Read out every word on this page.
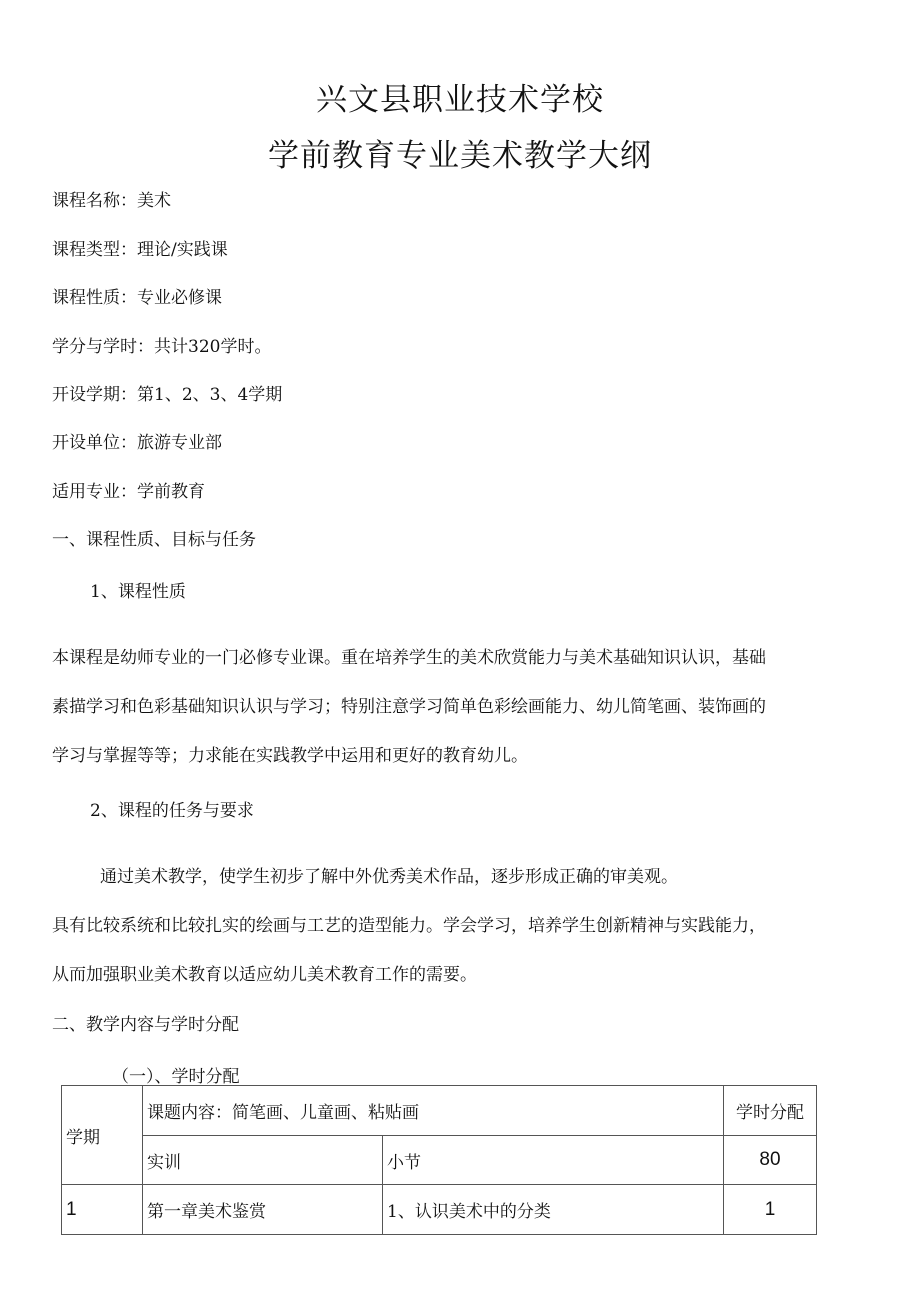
兴文县职业技术学校
学前教育专业美术教学大纲
课程名称：美术
课程类型：理论/实践课
课程性质：专业必修课
学分与学时：共计320学时。
开设学期：第1、2、3、4学期
开设单位：旅游专业部
适用专业：学前教育
一、课程性质、目标与任务
1、课程性质
本课程是幼师专业的一门必修专业课。重在培养学生的美术欣赏能力与美术基础知识认识，基础
素描学习和色彩基础知识认识与学习；特别注意学习简单色彩绘画能力、幼儿简笔画、装饰画的
学习与掌握等等；力求能在实践教学中运用和更好的教育幼儿。
2、课程的任务与要求
通过美术教学，使学生初步了解中外优秀美术作品，逐步形成正确的审美观。
具有比较系统和比较扎实的绘画与工艺的造型能力。学会学习，培养学生创新精神与实践能力，
从而加强职业美术教育以适应幼儿美术教育工作的需要。
二、教学内容与学时分配
（一）、学时分配
学期	课题内容：简笔画、儿童画、粘贴画		学时分配
	实训	小节	80
1	第一章美术鉴赏	1、认识美术中的分类	1
